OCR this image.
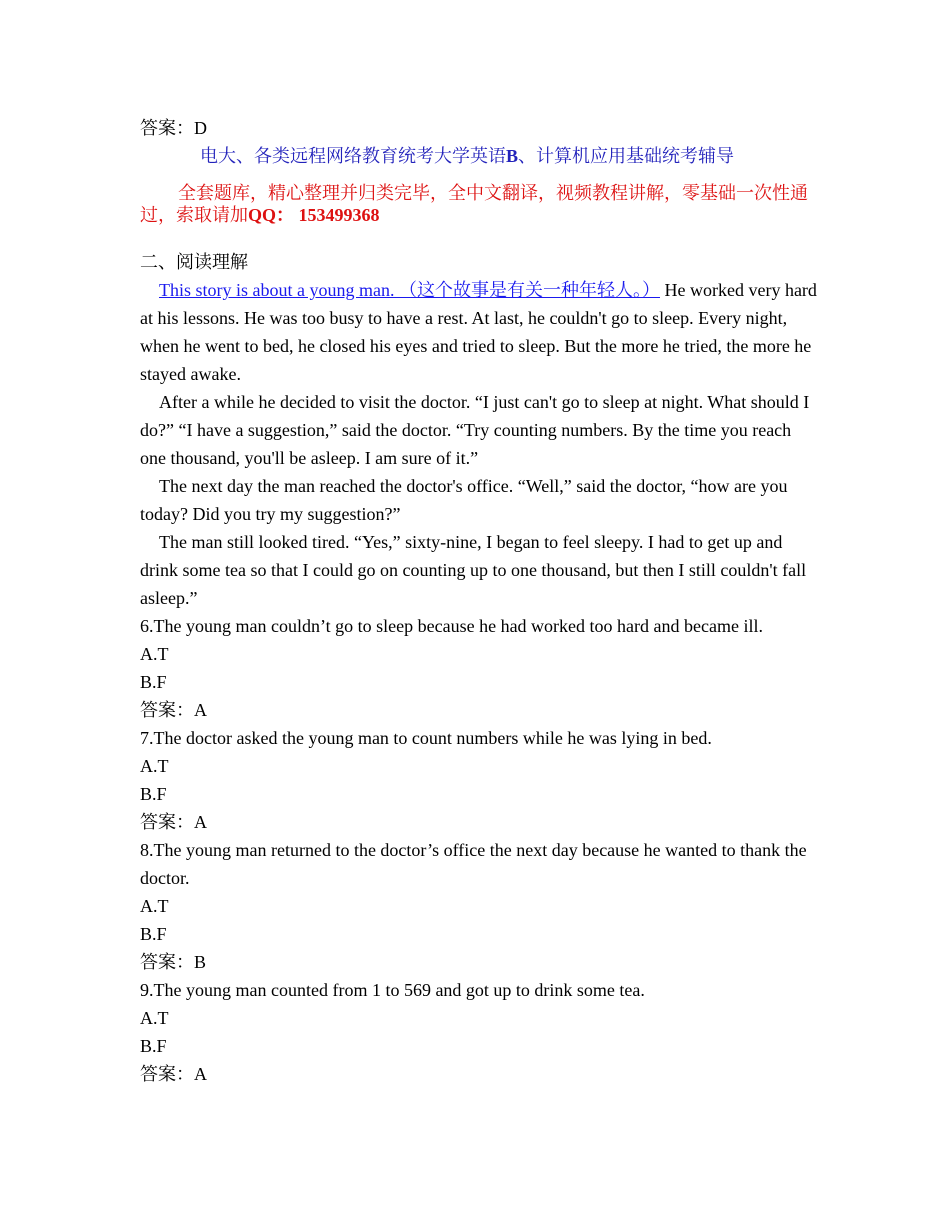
答案：D
电大、各类远程网络教育统考大学英语B、计算机应用基础统考辅导
全套题库，精心整理并归类完毕，全中文翻译，视频教程讲解，零基础一次性通过，索取请加QQ： 153499368
二、阅读理解
This story is about a young man. （这个故事是有关一种年轻人。） He worked very hard at his lessons. He was too busy to have a rest. At last, he couldn't go to sleep. Every night, when he went to bed, he closed his eyes and tried to sleep. But the more he tried, the more he stayed awake.
After a while he decided to visit the doctor. “I just can't go to sleep at night. What should I do?” “I have a suggestion,” said the doctor. “Try counting numbers. By the time you reach one thousand, you'll be asleep. I am sure of it.”
The next day the man reached the doctor's office. “Well,” said the doctor, “how are you today? Did you try my suggestion?”
The man still looked tired. “Yes,” sixty-nine, I began to feel sleepy. I had to get up and drink some tea so that I could go on counting up to one thousand, but then I still couldn't fall asleep.”
6.The young man couldn’t go to sleep because he had worked too hard and became ill.
A.T
B.F
答案：A
7.The doctor asked the young man to count numbers while he was lying in bed.
A.T
B.F
答案：A
8.The young man returned to the doctor’s office the next day because he wanted to thank the doctor.
A.T
B.F
答案：B
9.The young man counted from 1 to 569 and got up to drink some tea.
A.T
B.F
答案：A
